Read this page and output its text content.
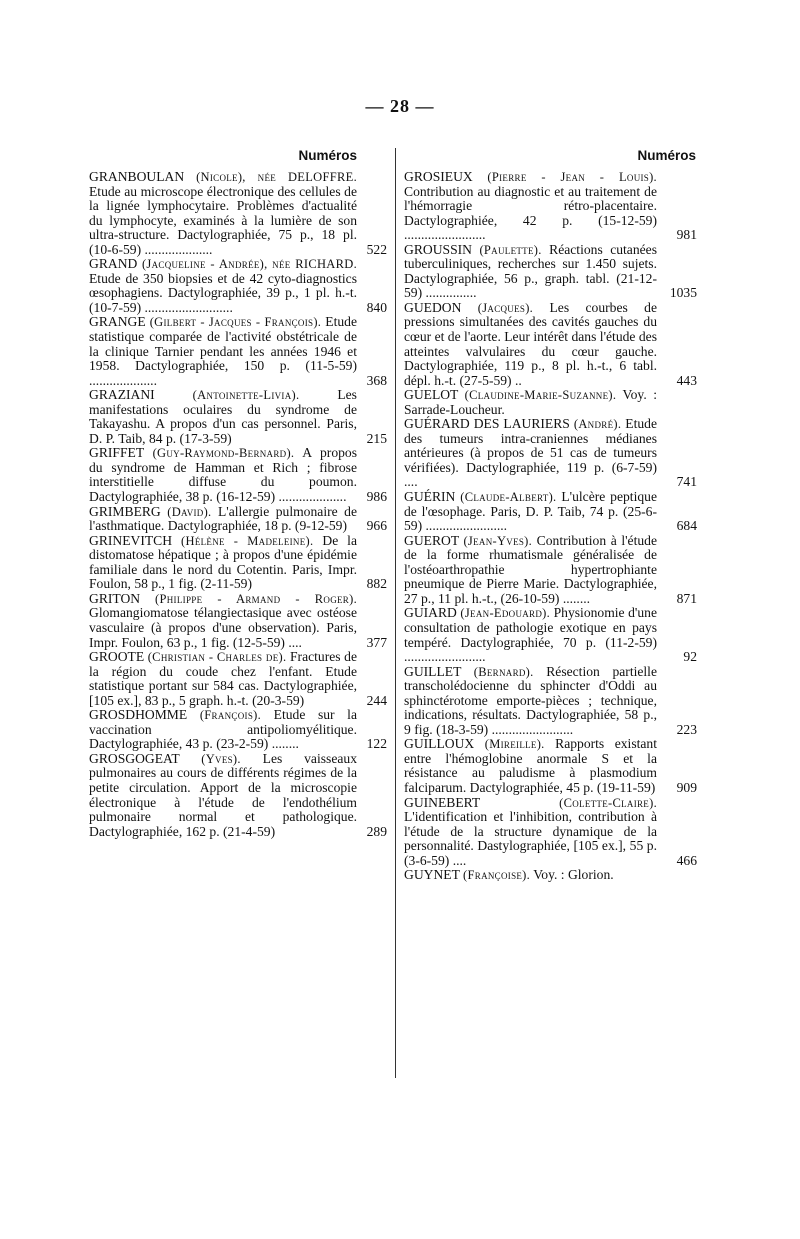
— 28 —
Numéros
GRANBOULAN (Nicole), née DELOFFRE. Etude au microscope électronique des cellules de la lignée lymphocytaire. Problèmes d'actualité du lymphocyte, examinés à la lumière de son ultra-structure. Dactylographiée, 75 p., 18 pl. (10-6-59) ....................	522
GRAND (Jacqueline - Andrée), née RICHARD. Etude de 350 biopsies et de 42 cyto-diagnostics œsophagiens. Dactylographiée, 39 p., 1 pl. h.-t. (10-7-59) ..........................	840
GRANGE (Gilbert - Jacques - François). Etude statistique comparée de l'activité obstétricale de la clinique Tarnier pendant les années 1946 et 1958. Dactylographiée, 150 p. (11-5-59) ....................	368
GRAZIANI	(Antoinette-Livia).	Les manifestations oculaires du syndrome de Takayashu. A propos d'un cas personnel. Paris, D. P. Taib, 84 p. (17-3-59)	215
GRIFFET (Guy-Raymond-Bernard). A propos du syndrome de Hamman et Rich ; fibrose interstitielle diffuse du poumon. Dactylographiée, 38 p. (16-12-59) ....................	986
GRIMBERG (David). L'allergie pulmonaire de l'asthmatique. Dactylographiée, 18 p. (9-12-59)	966
GRINEVITCH (Hélène - Madeleine). De la distomatose hépatique ; à propos d'une épidémie familiale dans le nord du Cotentin. Paris, Impr. Foulon, 58 p., 1 fig. (2-11-59)	882
GRITON (Philippe - Armand - Roger). Glomangiomatose télangiectasique avec ostéose vasculaire (à propos d'une observation). Paris, Impr. Foulon, 63 p., 1 fig. (12-5-59) ....	377
GROOTE (Christian - Charles de). Fractures de la région du coude chez l'enfant. Etude statistique portant sur 584 cas. Dactylographiée, [105 ex.], 83 p., 5 graph. h.-t. (20-3-59)	244
GROSDHOMME (François). Etude sur la vaccination antipoliomyélitique. Dactylographiée, 43 p. (23-2-59) ........	122
GROSGOGEAT (Yves). Les vaisseaux pulmonaires au cours de différents régimes de la petite circulation. Apport de la microscopie électronique à l'étude de l'endothélium pulmonaire normal et pathologique. Dactylographiée, 162 p. (21-4-59)	289
Numéros
GROSIEUX (Pierre - Jean - Louis). Contribution au diagnostic et au traitement de l'hémorragie rétro-placentaire. Dactylographiée, 42 p. (15-12-59) ........................	981
GROUSSIN (Paulette). Réactions cutanées tuberculiniques, recherches sur 1.450 sujets. Dactylographiée, 56 p., graph. tabl. (21-12-59) ...............	1035
GUEDON (Jacques). Les courbes de pressions simultanées des cavités gauches du cœur et de l'aorte. Leur intérêt dans l'étude des atteintes valvulaires du cœur gauche. Dactylographiée, 119 p., 8 pl. h.-t., 6 tabl. dépl. h.-t. (27-5-59) ..	443
GUELOT (Claudine-Marie-Suzanne). Voy. : Sarrade-Loucheur.
GUÉRARD DES LAURIERS (André). Etude des tumeurs intra-craniennes médianes antérieures (à propos de 51 cas de tumeurs vérifiées). Dactylographiée, 119 p. (6-7-59) ....	741
GUÉRIN (Claude-Albert). L'ulcère peptique de l'œsophage. Paris, D. P. Taib, 74 p. (25-6-59) ........................	684
GUEROT (Jean-Yves). Contribution à l'étude de la forme rhumatismale généralisée de l'ostéoarthropathie hypertrophiante pneumique de Pierre Marie. Dactylographiée, 27 p., 11 pl. h.-t., (26-10-59) ........	871
GUIARD (Jean-Edouard). Physionomie d'une consultation de pathologie exotique en pays tempéré. Dactylographiée, 70 p. (11-2-59) ........................	92
GUILLET (Bernard). Résection partielle transcholédocienne du sphincter d'Oddi au sphinctérotome emporte-pièces ; technique, indications, résultats. Dactylographiée, 58 p., 9 fig. (18-3-59) ........................	223
GUILLOUX (Mireille). Rapports existant entre l'hémoglobine anormale S et la résistance au paludisme à plasmodium falciparum. Dactylographiée, 45 p. (19-11-59)	909
GUINEBERT	(Colette-Claire). L'identification et l'inhibition, contribution à l'étude de la structure dynamique de la personnalité. Dastylographiée, [105 ex.], 55 p. (3-6-59) ....	466
GUYNET (Françoise). Voy. : Glorion.
